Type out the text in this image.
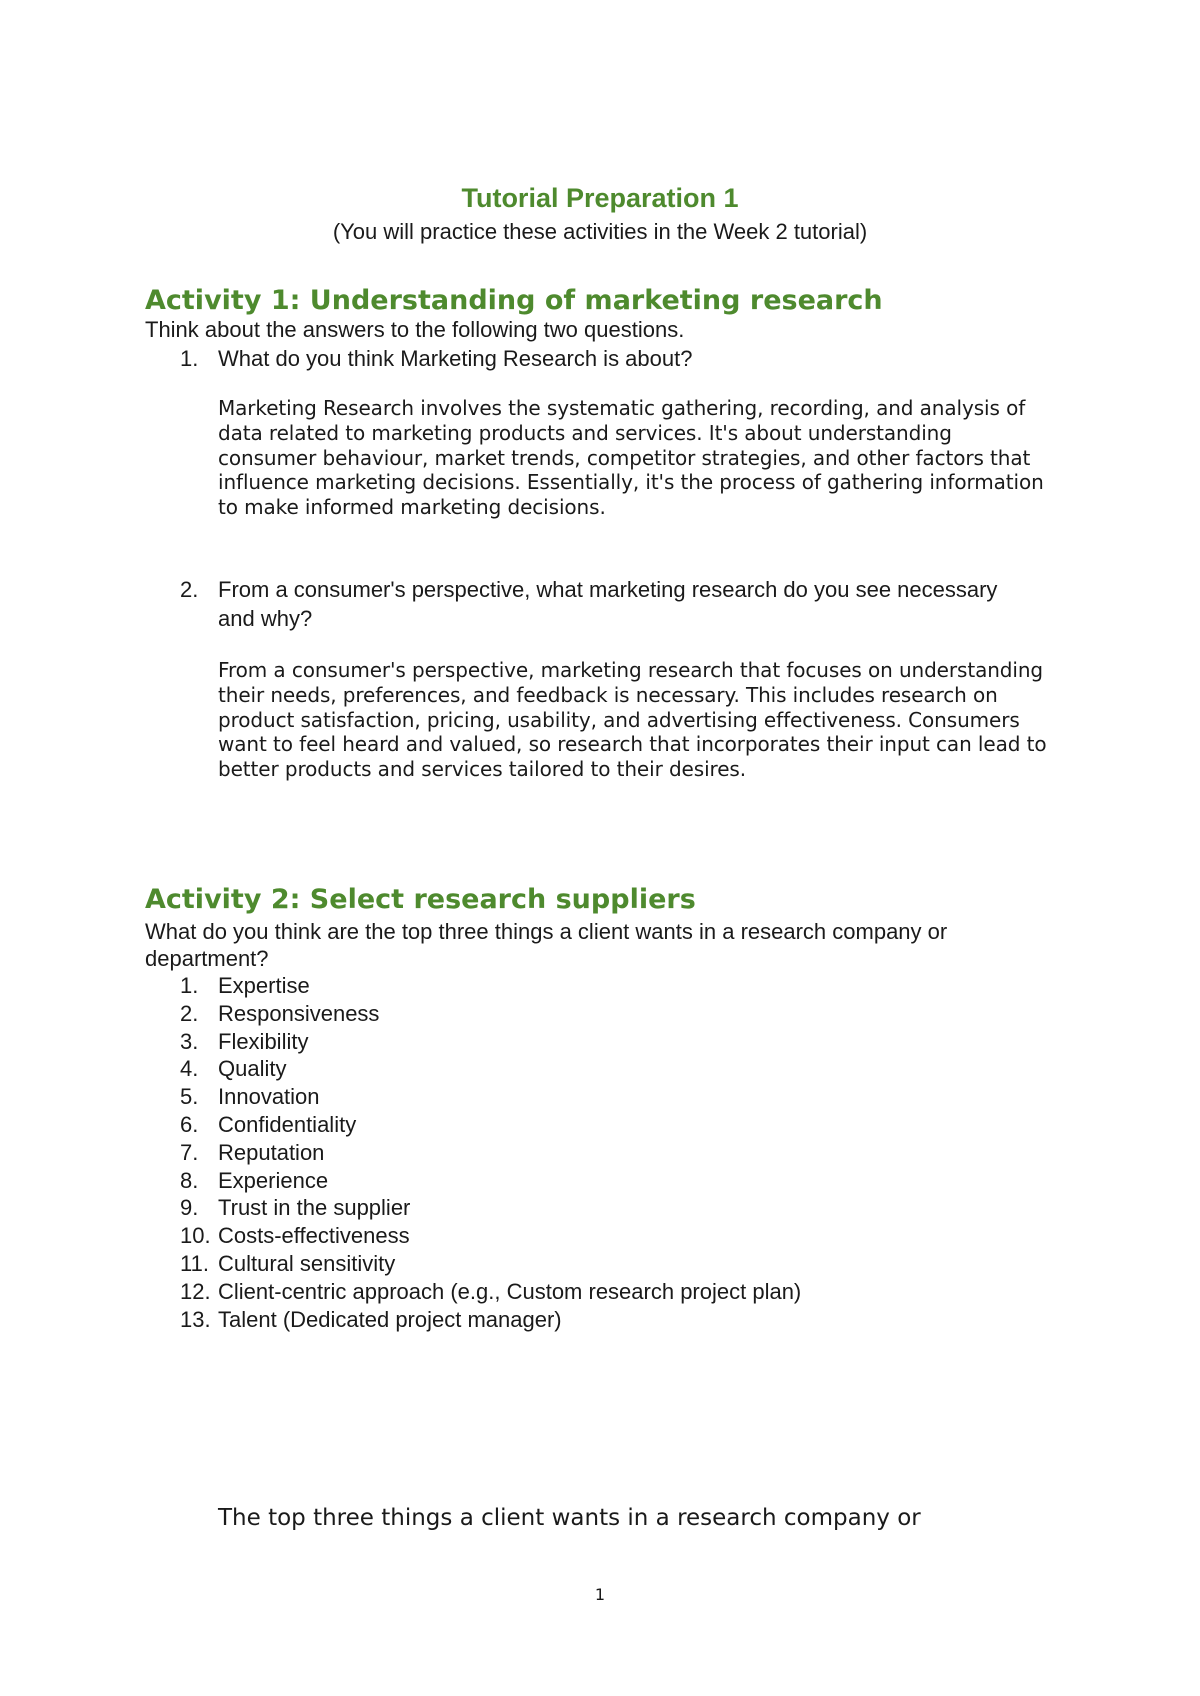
Tutorial Preparation 1
(You will practice these activities in the Week 2 tutorial)
Activity 1: Understanding of marketing research
Think about the answers to the following two questions.
1. What do you think Marketing Research is about?
Marketing Research involves the systematic gathering, recording, and analysis of data related to marketing products and services. It's about understanding consumer behaviour, market trends, competitor strategies, and other factors that influence marketing decisions. Essentially, it's the process of gathering information to make informed marketing decisions.
2. From a consumer's perspective, what marketing research do you see necessary and why?
From a consumer's perspective, marketing research that focuses on understanding their needs, preferences, and feedback is necessary. This includes research on product satisfaction, pricing, usability, and advertising effectiveness. Consumers want to feel heard and valued, so research that incorporates their input can lead to better products and services tailored to their desires.
Activity 2: Select research suppliers
What do you think are the top three things a client wants in a research company or department?
1. Expertise
2. Responsiveness
3. Flexibility
4. Quality
5. Innovation
6. Confidentiality
7. Reputation
8. Experience
9. Trust in the supplier
10. Costs-effectiveness
11. Cultural sensitivity
12. Client-centric approach (e.g., Custom research project plan)
13. Talent (Dedicated project manager)
The top three things a client wants in a research company or
1
